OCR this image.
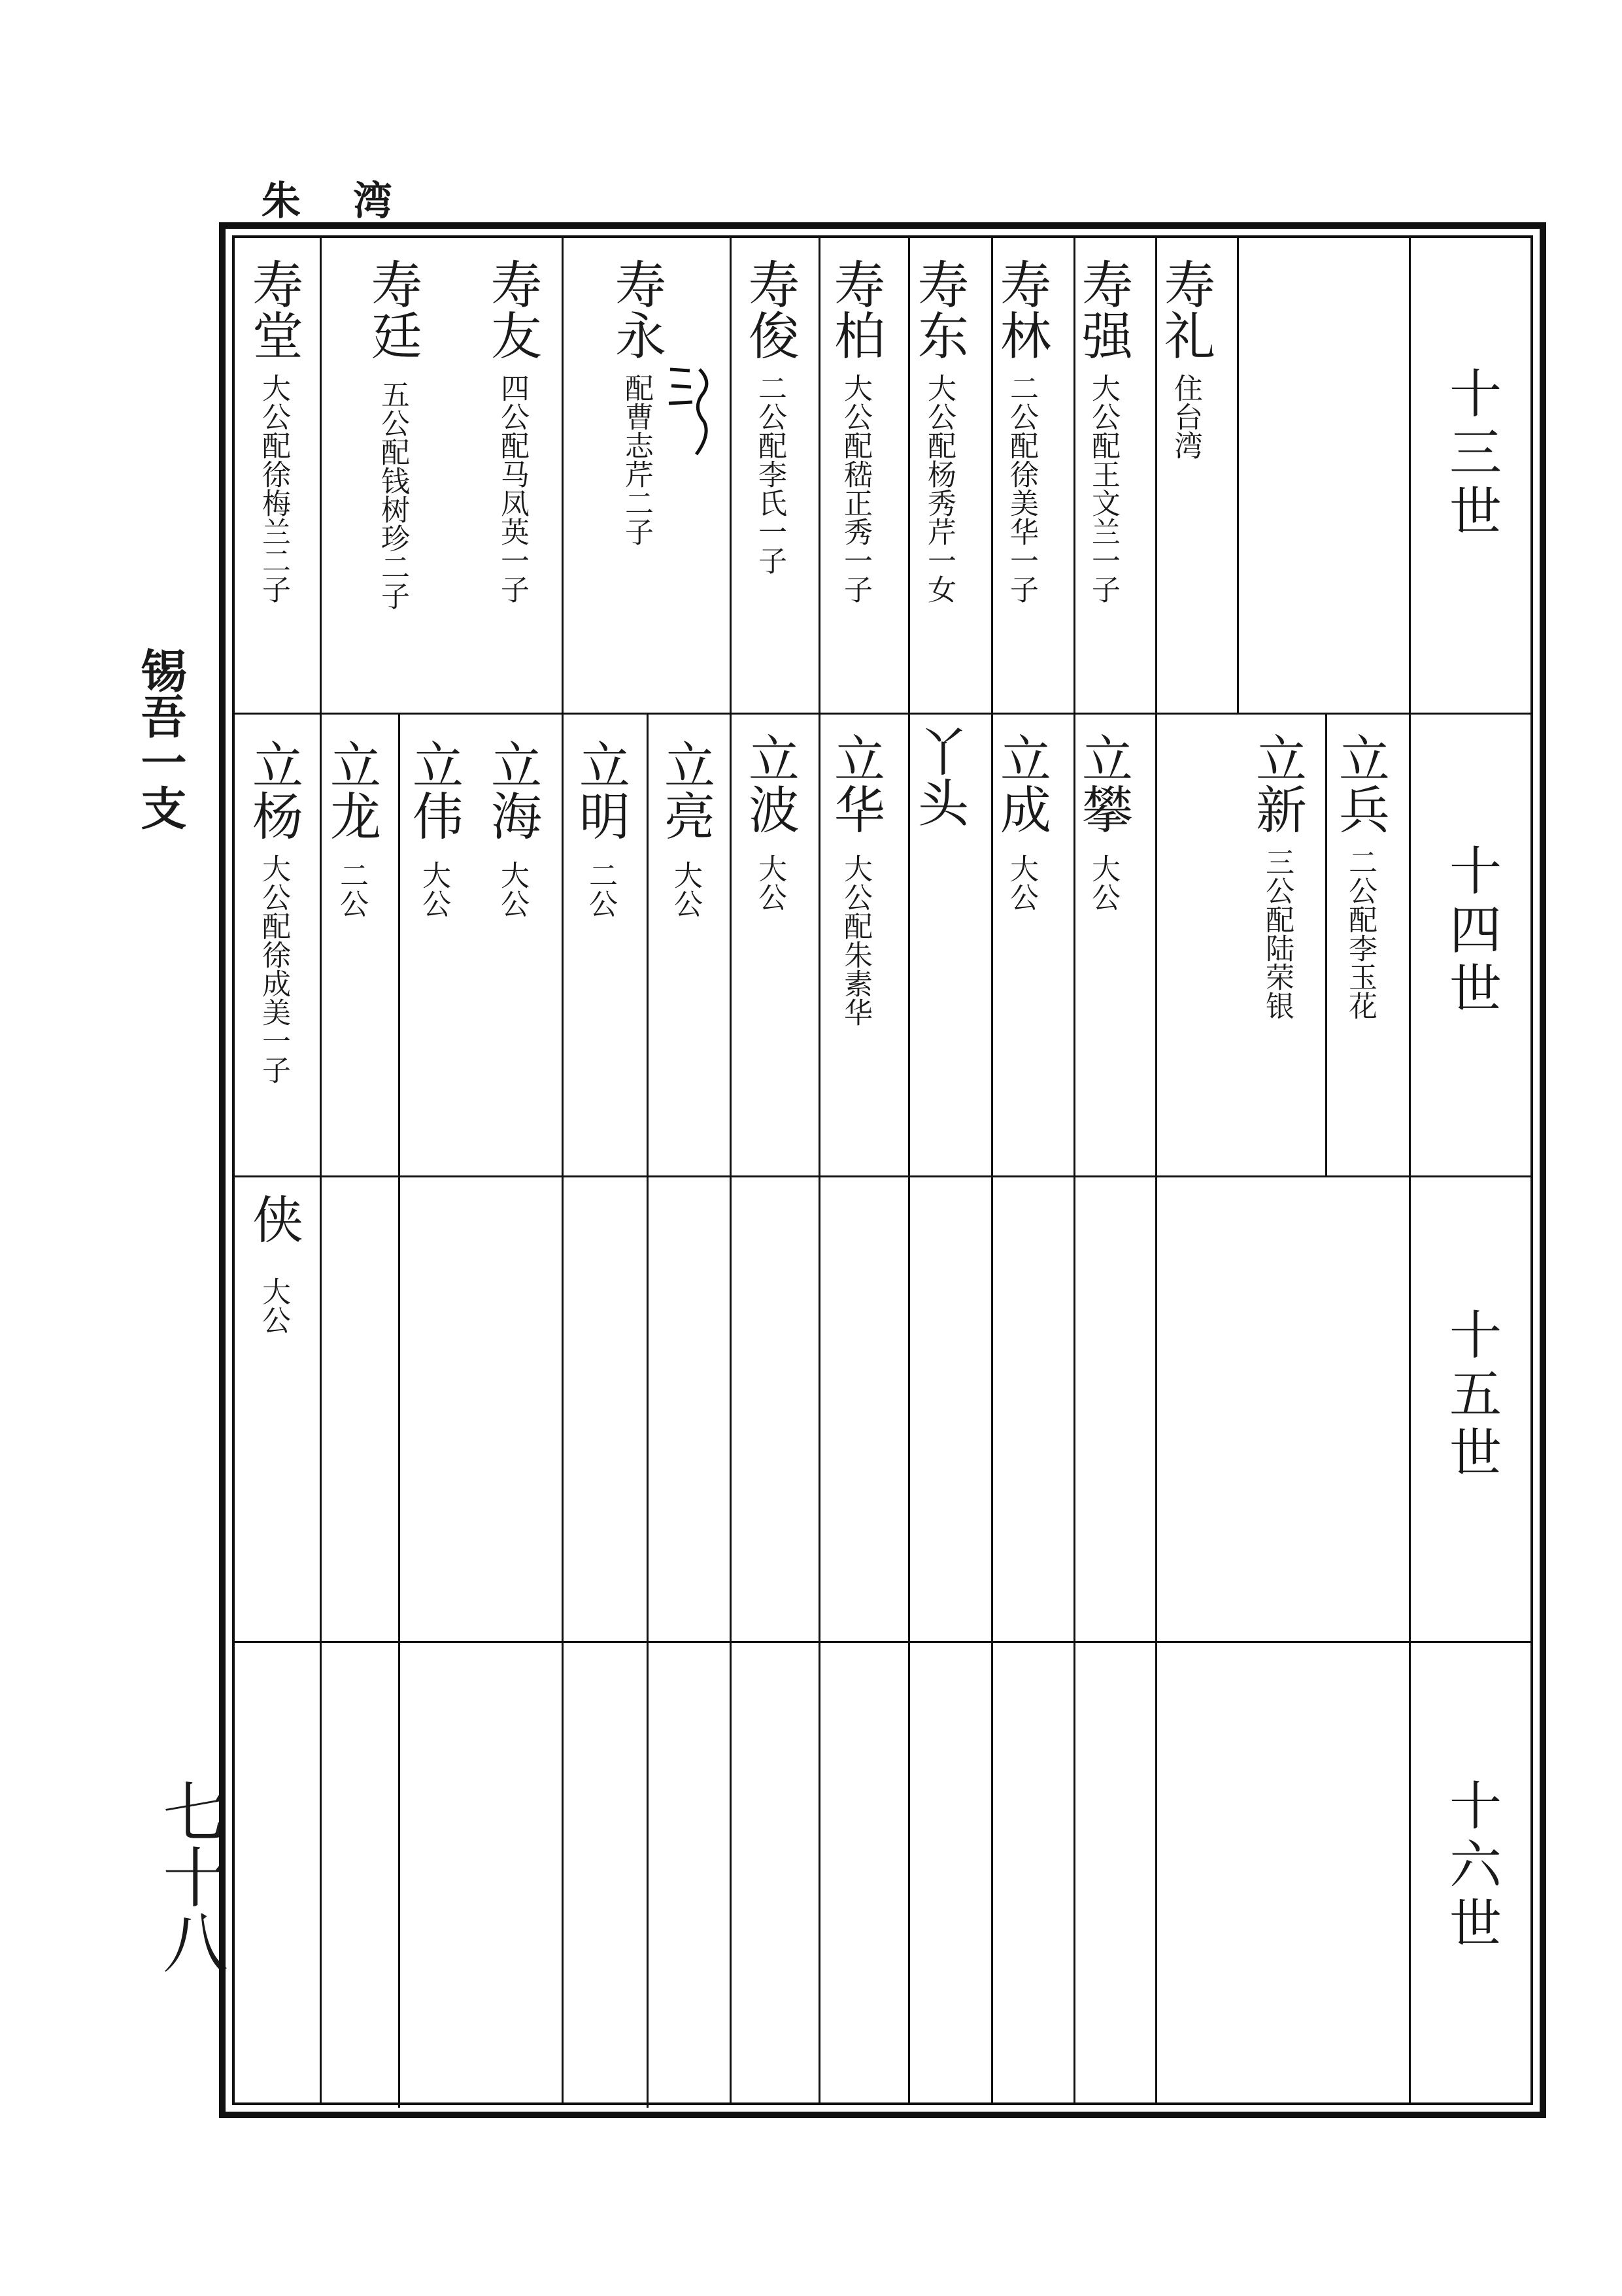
朱湾
锡吾一支
七十八
十三世
十四世
十五世
十六世
寿礼
住台湾
寿强
大公配王文兰一子
寿林
二公配徐美华一子
寿东
大公配杨秀芹一女
寿柏
大公配嵇正秀一子
寿俊
二公配李氏一子
寿永
配曹志芹二子
寿友
四公配马凤英一子
寿廷
五公配钱树珍二子
寿堂
大公配徐梅兰二子
立兵
二公配李玉花
立新
三公配陆荣银
立攀
大公
立成
大公
丫头
立华
大公配朱素华
立波
大公
立亮
大公
立明
二公
立海
大公
立伟
大公
立龙
二公
立杨
大公配徐成美一子
侠
大公
